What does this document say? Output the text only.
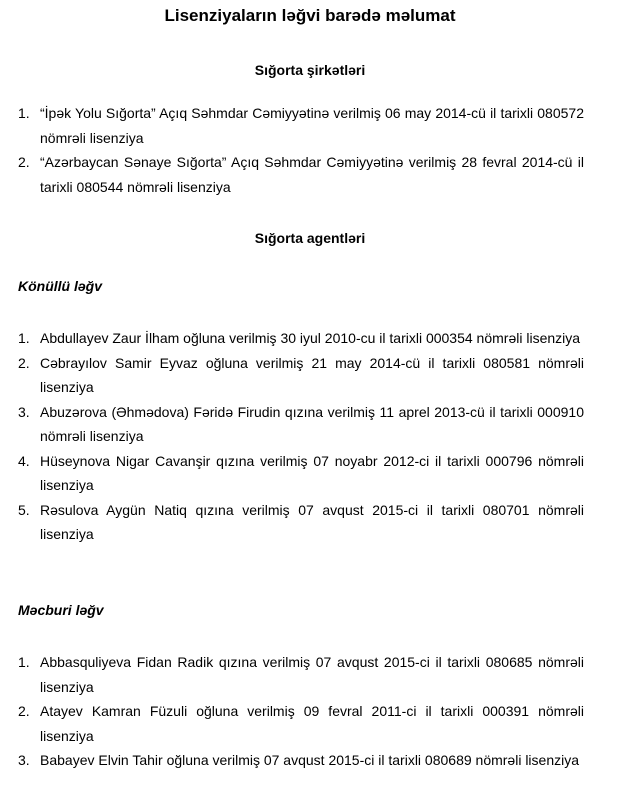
Lisenziyaların ləğvi barədə məlumat
Sığorta şirkətləri
1. “İpək Yolu Sığorta” Açıq Səhmdar Cəmiyyətinə verilmiş 06 may 2014-cü il tarixli 080572 nömrəli lisenziya
2. “Azərbaycan Sənaye Sığorta” Açıq Səhmdar Cəmiyyətinə verilmiş 28 fevral 2014-cü il tarixli 080544 nömrəli lisenziya
Sığorta agentləri
Könüllü ləğv
1. Abdullayev Zaur İlham oğluna verilmiş 30 iyul 2010-cu il tarixli 000354 nömrəli lisenziya
2. Cəbrayılov Samir Eyvaz oğluna verilmiş 21 may 2014-cü il tarixli 080581 nömrəli lisenziya
3. Abuzərova (Əhmədova) Fəridə Firudin qızına verilmiş 11 aprel 2013-cü il tarixli 000910 nömrəli lisenziya
4. Hüseynova Nigar Cavanşir qızına verilmiş 07 noyabr 2012-ci il tarixli 000796 nömrəli lisenziya
5. Rəsulova Aygün Natiq qızına verilmiş 07 avqust 2015-ci il tarixli 080701 nömrəli lisenziya
Məcburi ləğv
1. Abbasquliyeva Fidan Radik qızına verilmiş 07 avqust 2015-ci il tarixli 080685 nömrəli lisenziya
2. Atayev Kamran Füzuli oğluna verilmiş 09 fevral 2011-ci il tarixli 000391 nömrəli lisenziya
3. Babayev Elvin Tahir oğluna verilmiş 07 avqust 2015-ci il tarixli 080689 nömrəli lisenziya
